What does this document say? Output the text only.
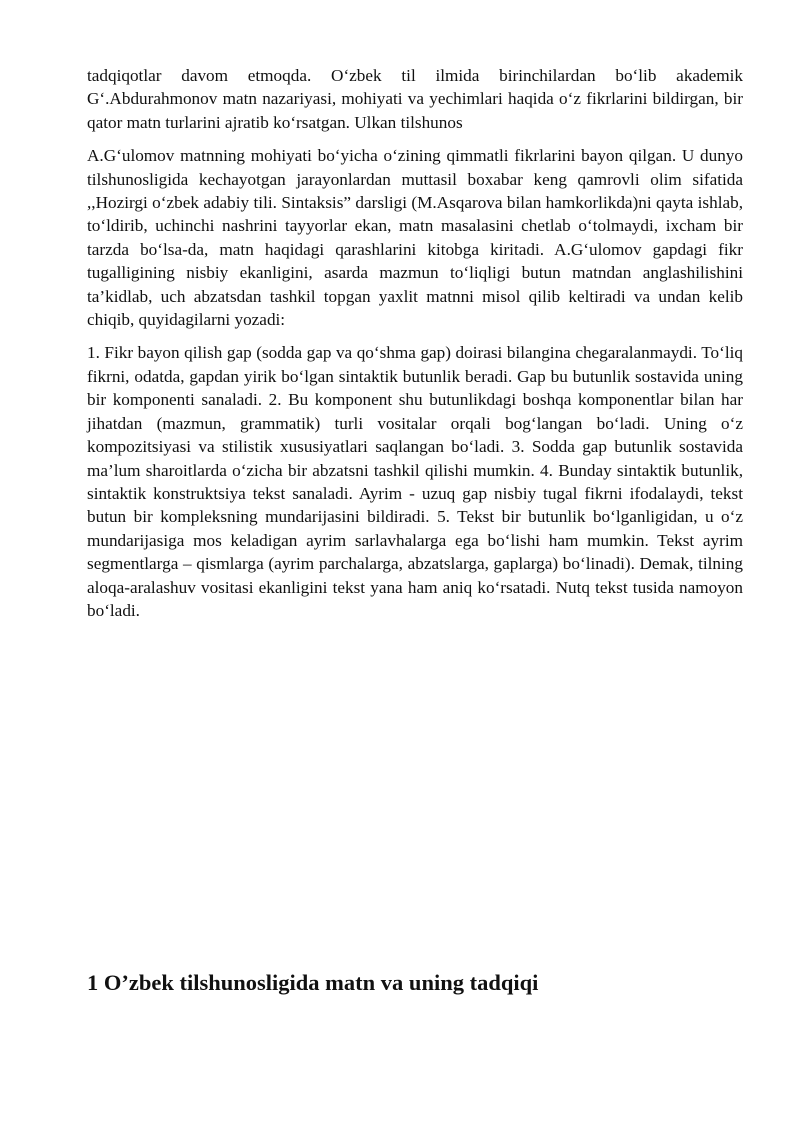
tadqiqotlar davom etmoqda. O‘zbek til ilmida birinchilardan bo‘lib akademik G‘.Abdurahmonov matn nazariyasi, mohiyati va yechimlari haqida o‘z fikrlarini bildirgan, bir qator matn turlarini ajratib ko‘rsatgan. Ulkan tilshunos

A.G‘ulomov matnning mohiyati bo‘yicha o‘zining qimmatli fikrlarini bayon qilgan. U dunyo tilshunosligida kechayotgan jarayonlardan muttasil boxabar keng qamrovli olim sifatida ,,Hozirgi o‘zbek adabiy tili. Sintaksis” darsligi (M.Asqarova bilan hamkorlikda)ni qayta ishlab, to‘ldirib, uchinchi nashrini tayyorlar ekan, matn masalasini chetlab o‘tolmaydi, ixcham bir tarzda bo‘lsa-da, matn haqidagi qarashlarini kitobga kiritadi. A.G‘ulomov gapdagi fikr tugalligining nisbiy ekanligini, asarda mazmun to‘liqligi butun matndan anglashilishini ta’kidlab, uch abzatsdan tashkil topgan yaxlit matnni misol qilib keltiradi va undan kelib chiqib, quyidagilarni yozadi:

1. Fikr bayon qilish gap (sodda gap va qo‘shma gap) doirasi bilangina chegaralanmaydi. To‘liq fikrni, odatda, gapdan yirik bo‘lgan sintaktik butunlik beradi. Gap bu butunlik sostavida uning bir komponenti sanaladi. 2. Bu komponent shu butunlikdagi boshqa komponentlar bilan har jihatdan (mazmun, grammatik) turli vositalar orqali bog‘langan bo‘ladi. Uning o‘z kompozitsiyasi va stilistik xususiyatlari saqlangan bo‘ladi. 3. Sodda gap butunlik sostavida ma’lum sharoitlarda o‘zicha bir abzatsni tashkil qilishi mumkin. 4. Bunday sintaktik butunlik, sintaktik konstruktsiya tekst sanaladi. Ayrim - uzuq gap nisbiy tugal fikrni ifodalaydi, tekst butun bir kompleksning mundarijasini bildiradi. 5. Tekst bir butunlik bo‘lganligidan, u o‘z mundarijasiga mos keladigan ayrim sarlavhalarga ega bo‘lishi ham mumkin. Tekst ayrim segmentlarga – qismlarga (ayrim parchalarga, abzatslarga, gaplarga) bo‘linadi). Demak, tilning aloqa-aralashuv vositasi ekanligini tekst yana ham aniq ko‘rsatadi. Nutq tekst tusida namoyon bo‘ladi.

1 O’zbek tilshunosligida matn va uning tadqiqi
